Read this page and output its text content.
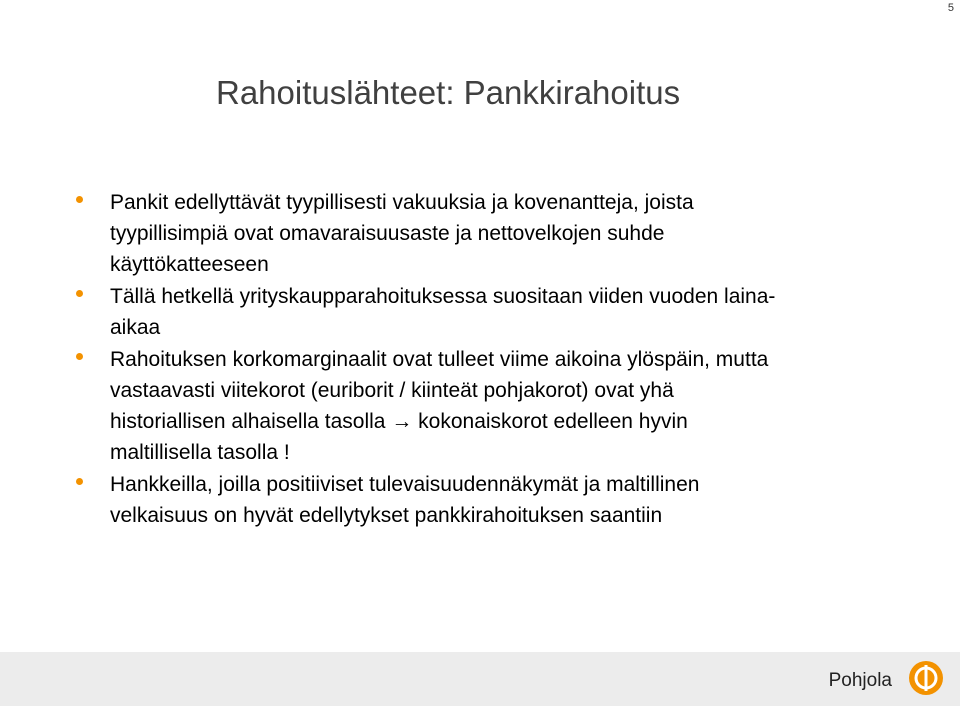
5
Rahoituslähteet: Pankkirahoitus
Pankit edellyttävät tyypillisesti vakuuksia ja kovenantteja, joista
tyypillisimpiä ovat omavaraisuusaste ja nettovelkojen suhde
käyttökatteeseen
Tällä hetkellä yrityskaupparahoituksessa suositaan viiden vuoden laina-
aikaa
Rahoituksen korkomarginaalit ovat tulleet viime aikoina ylöspäin, mutta
vastaavasti viitekorot (euriborit / kiinteät pohjakorot) ovat yhä
historiallisen alhaisella tasolla → kokonaiskorot edelleen hyvin
maltillisella tasolla !
Hankkeilla, joilla positiiviset tulevaisuudennäkymät ja maltillinen
velkaisuus on hyvät edellytykset pankkirahoituksen saantiin
Pohjola
